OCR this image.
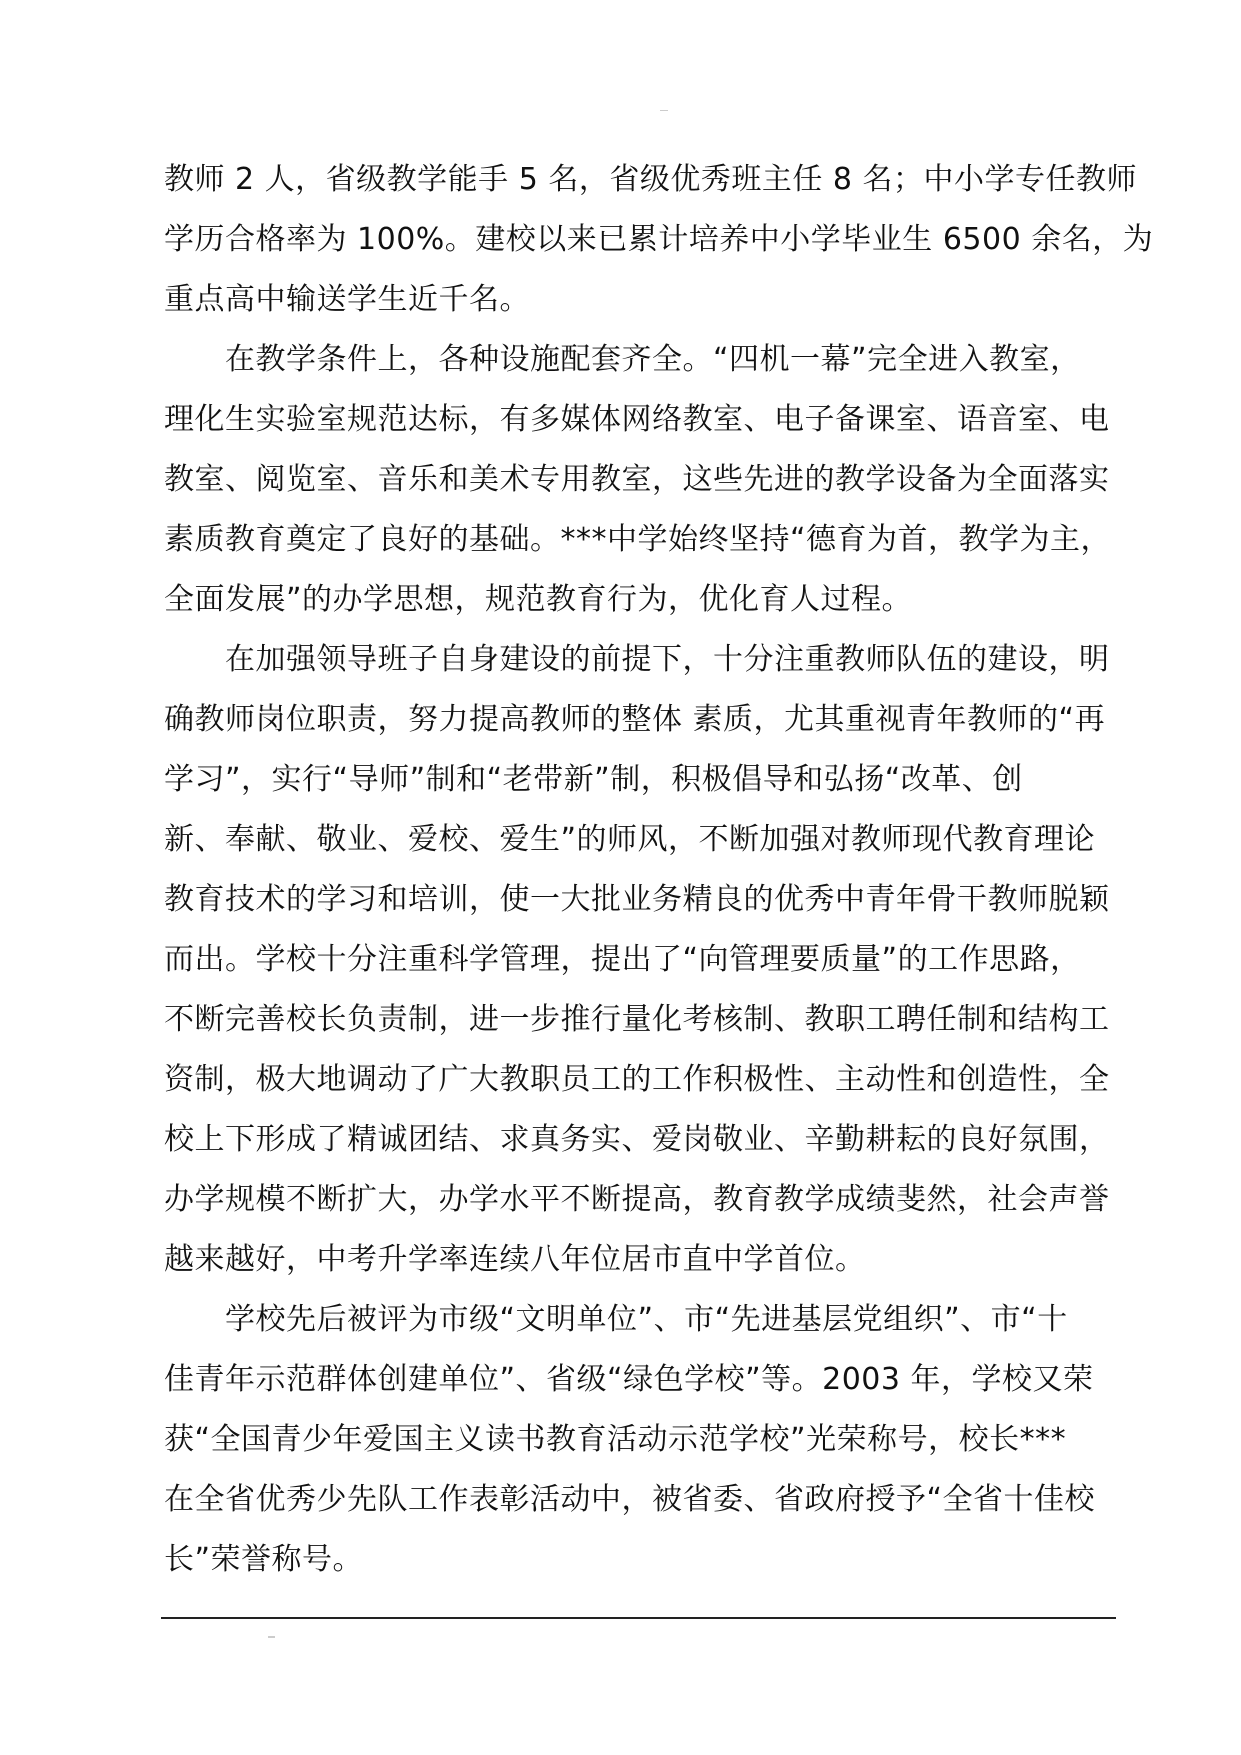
教师 2 人，省级教学能手 5 名，省级优秀班主任 8 名；中小学专任教师
学历合格率为 100%。建校以来已累计培养中小学毕业生 6500 余名，为
重点高中输送学生近千名。
　　在教学条件上，各种设施配套齐全。“四机一幕”完全进入教室，
理化生实验室规范达标，有多媒体网络教室、电子备课室、语音室、电
教室、阅览室、音乐和美术专用教室，这些先进的教学设备为全面落实
素质教育奠定了良好的基础。***中学始终坚持“德育为首，教学为主，
全面发展”的办学思想，规范教育行为，优化育人过程。
　　在加强领导班子自身建设的前提下，十分注重教师队伍的建设，明
确教师岗位职责，努力提高教师的整体 素质，尤其重视青年教师的“再
学习”，实行“导师”制和“老带新”制，积极倡导和弘扬“改革、创
新、奉献、敬业、爱校、爱生”的师风，不断加强对教师现代教育理论
教育技术的学习和培训，使一大批业务精良的优秀中青年骨干教师脱颖
而出。学校十分注重科学管理，提出了“向管理要质量”的工作思路，
不断完善校长负责制，进一步推行量化考核制、教职工聘任制和结构工
资制，极大地调动了广大教职员工的工作积极性、主动性和创造性，全
校上下形成了精诚团结、求真务实、爱岗敬业、辛勤耕耘的良好氛围，
办学规模不断扩大，办学水平不断提高，教育教学成绩斐然，社会声誉
越来越好，中考升学率连续八年位居市直中学首位。
　　学校先后被评为市级“文明单位”、市“先进基层党组织”、市“十
佳青年示范群体创建单位”、省级“绿色学校”等。2003 年，学校又荣
获“全国青少年爱国主义读书教育活动示范学校”光荣称号，校长***
在全省优秀少先队工作表彰活动中，被省委、省政府授予“全省十佳校
长”荣誉称号。
